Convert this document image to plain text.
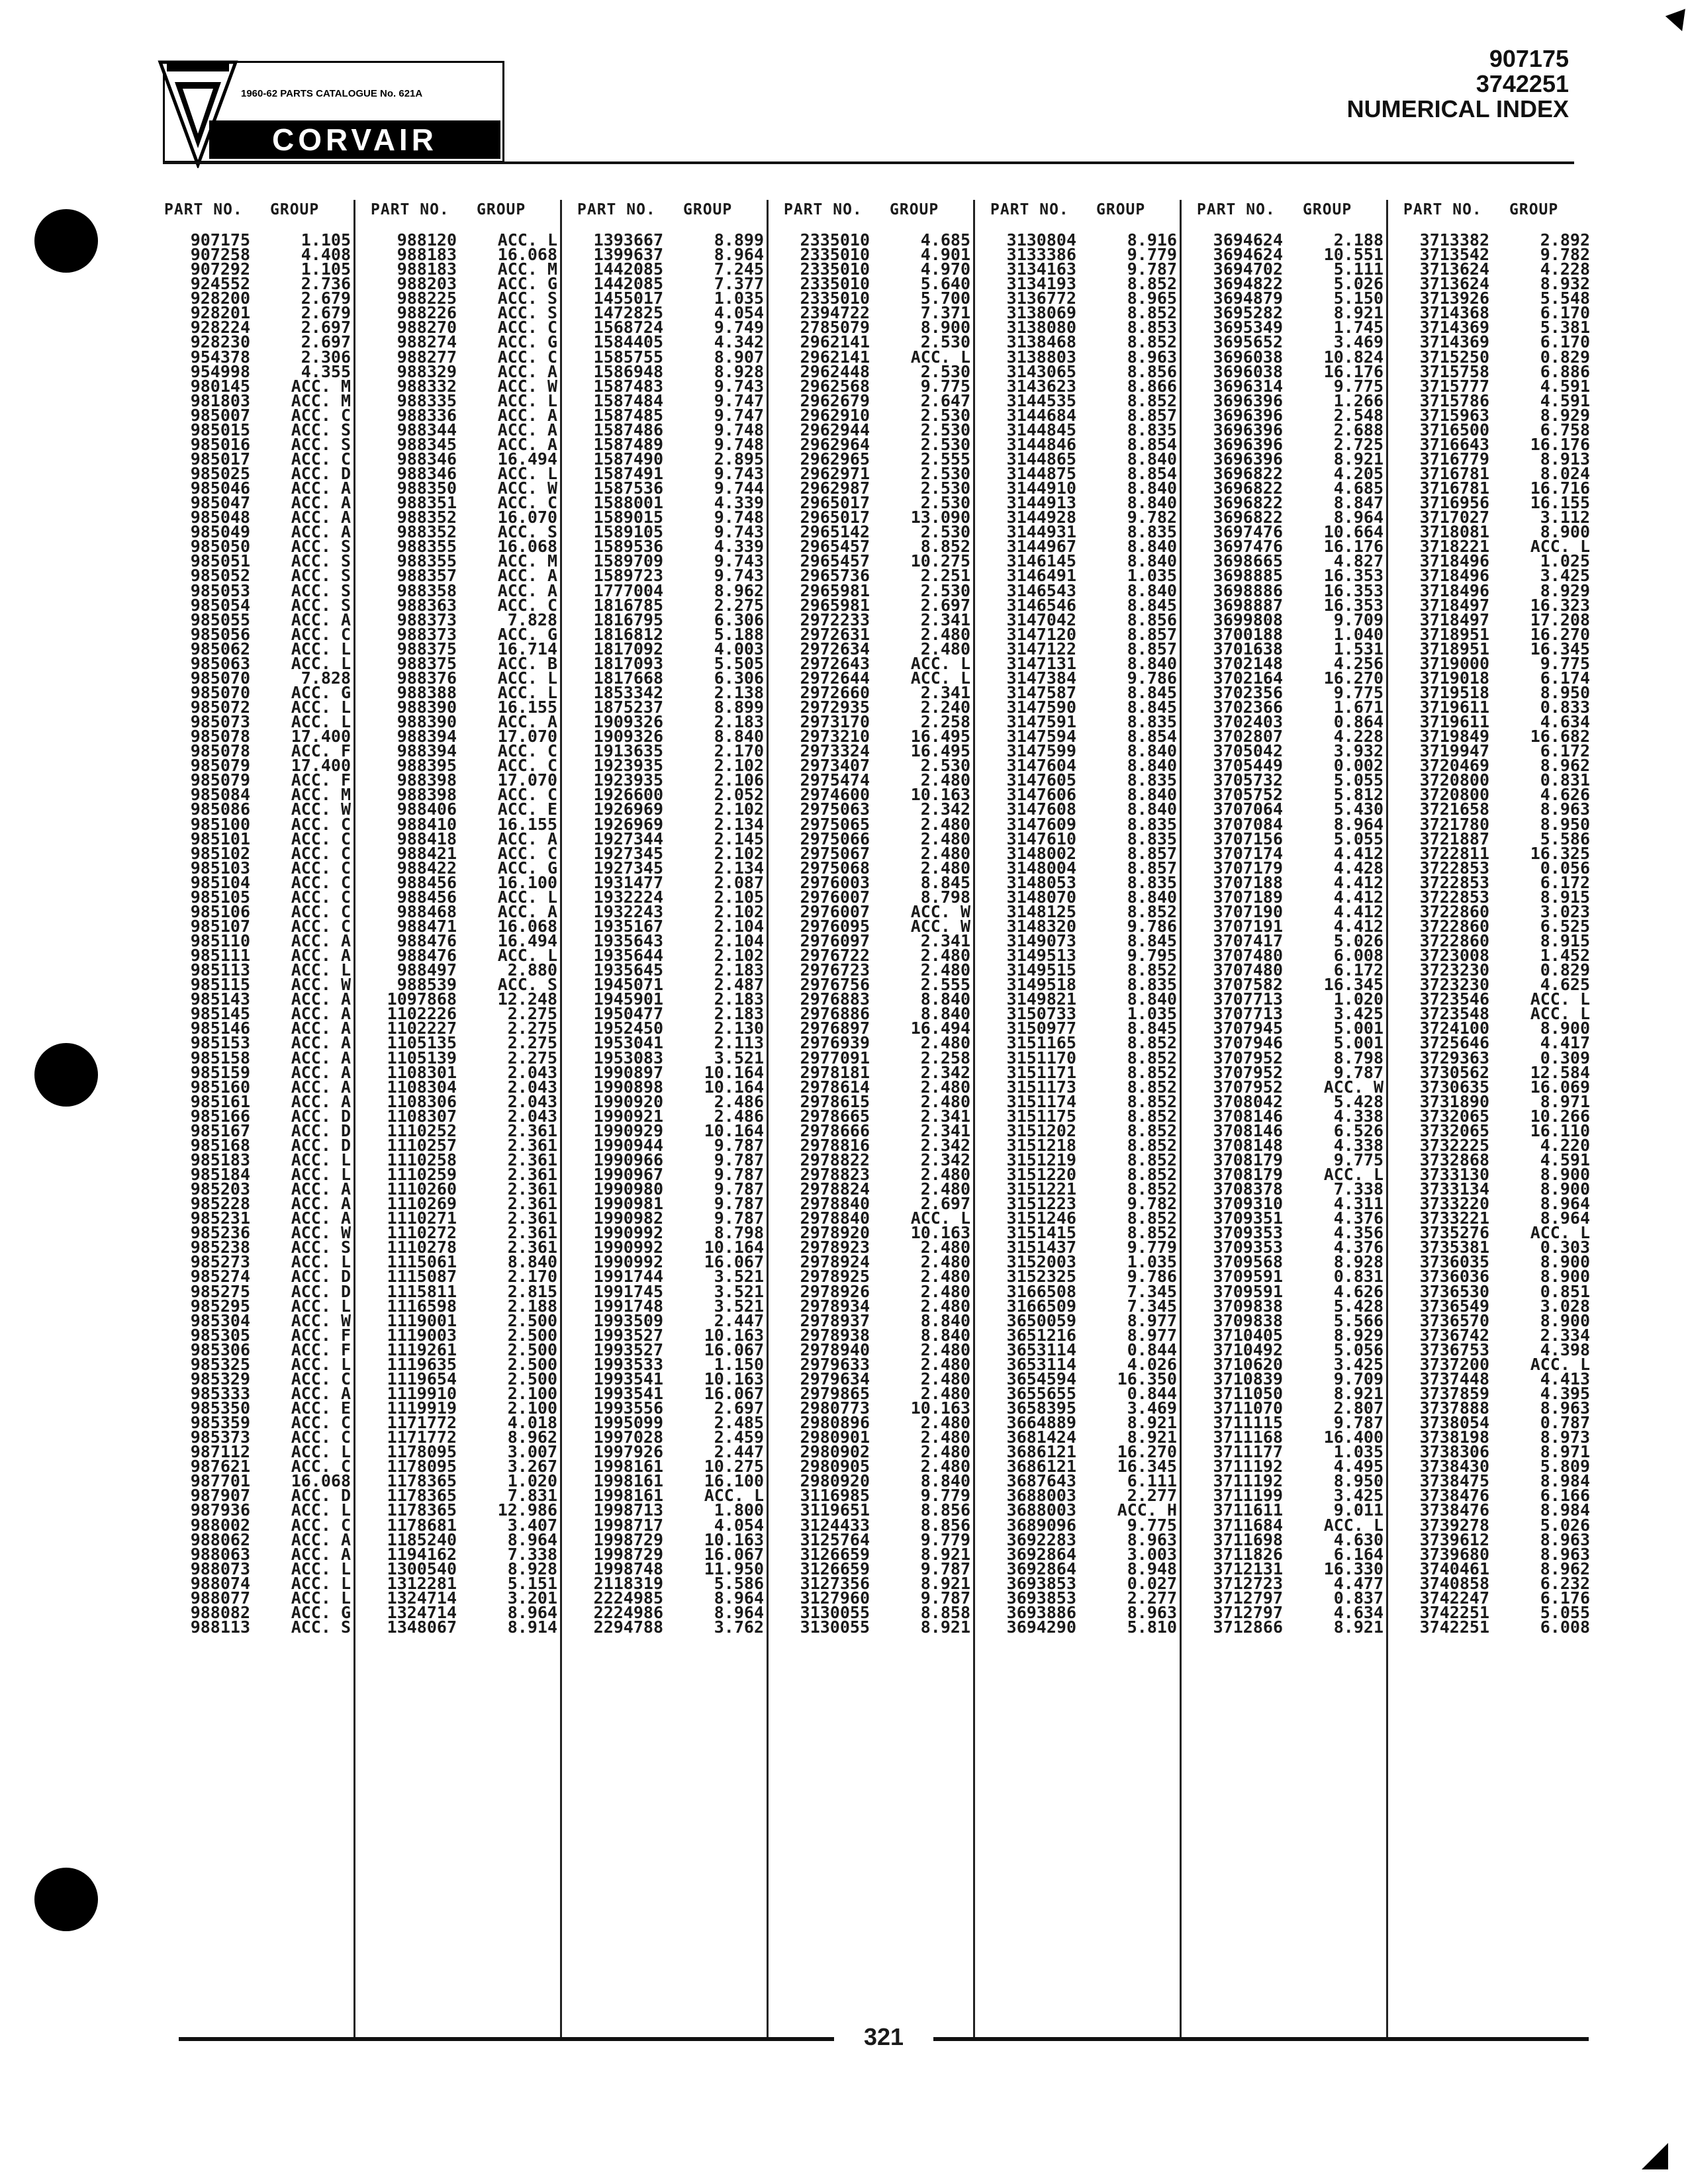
1960-62 PARTS CATALOGUE No. 621A
CORVAIR
907175
3742251
NUMERICAL INDEX
PART NO. GROUP
907175	1.105
907258	4.408
907292	1.105
924552	2.736
928200	2.679
928201	2.679
928224	2.697
928230	2.697
954378	2.306
954998	4.355
980145	ACC. M
981803	ACC. M
985007	ACC. C
985015	ACC. S
985016	ACC. S
985017	ACC. C
985025	ACC. D
985046	ACC. A
985047	ACC. A
985048	ACC. A
985049	ACC. A
985050	ACC. S
985051	ACC. S
985052	ACC. S
985053	ACC. S
985054	ACC. S
985055	ACC. A
985056	ACC. C
985062	ACC. L
985063	ACC. L
985070	7.828
985070	ACC. G
985072	ACC. L
985073	ACC. L
985078	17.400
985078	ACC. F
985079	17.400
985079	ACC. F
985084	ACC. M
985086	ACC. W
985100	ACC. C
985101	ACC. C
985102	ACC. C
985103	ACC. C
985104	ACC. C
985105	ACC. C
985106	ACC. C
985107	ACC. C
985110	ACC. A
985111	ACC. A
985113	ACC. L
985115	ACC. W
985143	ACC. A
985145	ACC. A
985146	ACC. A
985153	ACC. A
985158	ACC. A
985159	ACC. A
985160	ACC. A
985161	ACC. A
985166	ACC. D
985167	ACC. D
985168	ACC. D
985183	ACC. L
985184	ACC. L
985203	ACC. A
985228	ACC. A
985231	ACC. A
985236	ACC. W
985238	ACC. S
985273	ACC. L
985274	ACC. D
985275	ACC. D
985295	ACC. L
985304	ACC. W
985305	ACC. F
985306	ACC. F
985325	ACC. L
985329	ACC. C
985333	ACC. A
985350	ACC. E
985359	ACC. C
985373	ACC. C
987112	ACC. L
987621	ACC. C
987701	16.068
987907	ACC. D
987936	ACC. L
988002	ACC. C
988062	ACC. A
988063	ACC. A
988073	ACC. L
988074	ACC. L
988077	ACC. L
988082	ACC. G
988113	ACC. S
PART NO. GROUP
988120	ACC. L
988183	16.068
988183	ACC. M
988203	ACC. G
988225	ACC. S
988226	ACC. S
988270	ACC. C
988274	ACC. G
988277	ACC. C
988329	ACC. A
988332	ACC. W
988335	ACC. L
988336	ACC. A
988344	ACC. A
988345	ACC. A
988346	16.494
988346	ACC. L
988350	ACC. W
988351	ACC. C
988352	16.070
988352	ACC. S
988355	16.068
988355	ACC. M
988357	ACC. A
988358	ACC. A
988363	ACC. C
988373	7.828
988373	ACC. G
988375	16.714
988375	ACC. B
988376	ACC. L
988388	ACC. L
988390	16.155
988390	ACC. A
988394	17.070
988394	ACC. C
988395	ACC. C
988398	17.070
988398	ACC. C
988406	ACC. E
988410	16.155
988418	ACC. A
988421	ACC. C
988422	ACC. G
988456	16.100
988456	ACC. L
988468	ACC. A
988471	16.068
988476	16.494
988476	ACC. L
988497	2.880
988539	ACC. S
1097868	12.248
1102226	2.275
1102227	2.275
1105135	2.275
1105139	2.275
1108301	2.043
1108304	2.043
1108306	2.043
1108307	2.043
1110252	2.361
1110257	2.361
1110258	2.361
1110259	2.361
1110260	2.361
1110269	2.361
1110271	2.361
1110272	2.361
1110278	2.361
1115061	8.840
1115087	2.170
1115811	2.815
1116598	2.188
1119001	2.500
1119003	2.500
1119261	2.500
1119635	2.500
1119654	2.500
1119910	2.100
1119919	2.100
1171772	4.018
1171772	8.962
1178095	3.007
1178095	3.267
1178365	1.020
1178365	7.831
1178365	12.986
1178681	3.407
1185240	8.964
1194162	7.338
1300540	8.928
1312281	5.151
1324714	3.201
1324714	8.964
1348067	8.914
PART NO. GROUP
1393667	8.899
1399637	8.964
1442085	7.245
1442085	7.377
1455017	1.035
1472825	4.054
1568724	9.749
1584405	4.342
1585755	8.907
1586948	8.928
1587483	9.743
1587484	9.747
1587485	9.747
1587486	9.748
1587489	9.748
1587490	2.895
1587491	9.743
1587536	9.744
1588001	4.339
1589015	9.748
1589105	9.743
1589536	4.339
1589709	9.743
1589723	9.743
1777004	8.962
1816785	2.275
1816795	6.306
1816812	5.188
1817092	4.003
1817093	5.505
1817668	6.306
1853342	2.138
1875237	8.899
1909326	2.183
1909326	8.840
1913635	2.170
1923935	2.102
1923935	2.106
1926600	2.052
1926969	2.102
1926969	2.134
1927344	2.145
1927345	2.102
1927345	2.134
1931477	2.087
1932224	2.105
1932243	2.102
1935167	2.104
1935643	2.104
1935644	2.102
1935645	2.183
1945071	2.487
1945901	2.183
1950477	2.183
1952450	2.130
1953041	2.113
1953083	3.521
1990897	10.164
1990898	10.164
1990920	2.486
1990921	2.486
1990929	10.164
1990944	9.787
1990966	9.787
1990967	9.787
1990980	9.787
1990981	9.787
1990982	9.787
1990992	8.798
1990992	10.164
1990992	16.067
1991744	3.521
1991745	3.521
1991748	3.521
1993509	2.447
1993527	10.163
1993527	16.067
1993533	1.150
1993541	10.163
1993541	16.067
1993556	2.697
1995099	2.485
1997028	2.459
1997926	2.447
1998161	10.275
1998161	16.100
1998161	ACC. L
1998713	1.800
1998717	4.054
1998729	10.163
1998729	16.067
1998748	11.950
2118319	5.586
2224985	8.964
2224986	8.964
2294788	3.762
PART NO. GROUP
2335010	4.685
2335010	4.901
2335010	4.970
2335010	5.640
2335010	5.700
2394722	7.371
2785079	8.900
2962141	2.530
2962141	ACC. L
2962448	2.530
2962568	9.775
2962679	2.647
2962910	2.530
2962944	2.530
2962964	2.530
2962965	2.555
2962971	2.530
2962987	2.530
2965017	2.530
2965017	13.090
2965142	2.530
2965457	8.852
2965457	10.275
2965736	2.251
2965981	2.530
2965981	2.697
2972233	2.341
2972631	2.480
2972634	2.480
2972643	ACC. L
2972644	ACC. L
2972660	2.341
2972935	2.240
2973170	2.258
2973210	16.495
2973324	16.495
2973407	2.530
2975474	2.480
2974600	10.163
2975063	2.342
2975065	2.480
2975066	2.480
2975067	2.480
2975068	2.480
2976003	8.845
2976007	8.798
2976007	ACC. W
2976095	ACC. W
2976097	2.341
2976722	2.480
2976723	2.480
2976756	2.555
2976883	8.840
2976886	8.840
2976897	16.494
2976939	2.480
2977091	2.258
2978181	2.342
2978614	2.480
2978615	2.480
2978665	2.341
2978666	2.341
2978816	2.342
2978822	2.342
2978823	2.480
2978824	2.480
2978840	2.697
2978840	ACC. L
2978920	10.163
2978923	2.480
2978924	2.480
2978925	2.480
2978926	2.480
2978934	2.480
2978937	8.840
2978938	8.840
2978940	2.480
2979633	2.480
2979634	2.480
2979865	2.480
2980773	10.163
2980896	2.480
2980901	2.480
2980902	2.480
2980905	2.480
2980920	8.840
3116985	9.779
3119651	8.856
3124433	8.856
3125764	9.779
3126659	8.921
3126659	9.787
3127356	8.921
3127960	9.787
3130055	8.858
3130055	8.921
PART NO. GROUP
3130804	8.916
3133386	9.779
3134163	9.787
3134193	8.852
3136772	8.965
3138069	8.852
3138080	8.853
3138468	8.852
3138803	8.963
3143065	8.856
3143623	8.866
3144535	8.852
3144684	8.857
3144845	8.835
3144846	8.854
3144865	8.840
3144875	8.854
3144910	8.840
3144913	8.840
3144928	9.782
3144931	8.835
3144967	8.840
3146145	8.840
3146491	1.035
3146543	8.840
3146546	8.845
3147042	8.856
3147120	8.857
3147122	8.857
3147131	8.840
3147384	9.786
3147587	8.845
3147590	8.845
3147591	8.835
3147594	8.854
3147599	8.840
3147604	8.840
3147605	8.835
3147606	8.840
3147608	8.840
3147609	8.835
3147610	8.835
3148002	8.857
3148004	8.857
3148053	8.835
3148070	8.840
3148125	8.852
3148320	9.786
3149073	8.845
3149513	9.795
3149515	8.852
3149518	8.835
3149821	8.840
3150733	1.035
3150977	8.845
3151165	8.852
3151170	8.852
3151171	8.852
3151173	8.852
3151174	8.852
3151175	8.852
3151202	8.852
3151218	8.852
3151219	8.852
3151220	8.852
3151221	8.852
3151223	9.782
3151246	8.852
3151415	8.852
3151437	9.779
3152003	1.035
3152325	9.786
3166508	7.345
3166509	7.345
3650059	8.977
3651216	8.977
3653114	0.844
3653114	4.026
3654594	16.350
3655655	0.844
3658395	3.469
3664889	8.921
3681424	8.921
3686121	16.270
3686121	16.345
3687643	6.111
3688003	2.277
3688003	ACC. H
3689096	9.775
3692283	8.963
3692864	3.003
3692864	8.948
3693853	0.027
3693853	2.277
3693886	8.963
3694290	5.810
PART NO. GROUP
3694624	2.188
3694624	10.551
3694702	5.111
3694822	5.026
3694879	5.150
3695282	8.921
3695349	1.745
3695652	3.469
3696038	10.824
3696038	16.176
3696314	9.775
3696396	1.266
3696396	2.548
3696396	2.688
3696396	2.725
3696396	8.921
3696822	4.205
3696822	4.685
3696822	8.847
3696822	8.964
3697476	10.664
3697476	16.176
3698665	4.827
3698885	16.353
3698886	16.353
3698887	16.353
3699808	9.709
3700188	1.040
3701638	1.531
3702148	4.256
3702164	16.270
3702356	9.775
3702366	1.671
3702403	0.864
3702807	4.228
3705042	3.932
3705449	0.002
3705732	5.055
3705752	5.812
3707064	5.430
3707084	8.964
3707156	5.055
3707174	4.412
3707179	4.428
3707188	4.412
3707189	4.412
3707190	4.412
3707191	4.412
3707417	5.026
3707480	6.008
3707480	6.172
3707582	16.345
3707713	1.020
3707713	3.425
3707945	5.001
3707946	5.001
3707952	8.798
3707952	9.787
3707952	ACC. W
3708042	5.428
3708146	4.338
3708146	6.526
3708148	4.338
3708179	9.775
3708179	ACC. L
3708378	7.338
3709310	4.311
3709351	4.376
3709353	4.356
3709353	4.376
3709568	8.928
3709591	0.831
3709591	4.626
3709838	5.428
3709838	5.566
3710405	8.929
3710492	5.056
3710620	3.425
3710839	9.709
3711050	8.921
3711070	2.807
3711115	9.787
3711168	16.400
3711177	1.035
3711192	4.495
3711192	8.950
3711199	3.425
3711611	9.011
3711684	ACC. L
3711698	4.630
3711826	6.164
3712131	16.330
3712723	4.477
3712797	0.837
3712797	4.634
3712866	8.921
PART NO. GROUP
3713382	2.892
3713542	9.782
3713624	4.228
3713624	8.932
3713926	5.548
3714368	6.170
3714369	5.381
3714369	6.170
3715250	0.829
3715758	6.886
3715777	4.591
3715786	4.591
3715963	8.929
3716500	6.758
3716643	16.176
3716779	8.913
3716781	8.024
3716781	16.716
3716956	16.155
3717027	3.112
3718081	8.900
3718221	ACC. L
3718496	1.025
3718496	3.425
3718496	8.929
3718497	16.323
3718497	17.208
3718951	16.270
3718951	16.345
3719000	9.775
3719018	6.174
3719518	8.950
3719611	0.833
3719611	4.634
3719849	16.682
3719947	6.172
3720469	8.962
3720800	0.831
3720800	4.626
3721658	8.963
3721780	8.950
3721887	5.586
3722811	16.325
3722853	0.056
3722853	6.172
3722853	8.915
3722860	3.023
3722860	6.525
3722860	8.915
3723008	1.452
3723230	0.829
3723230	4.625
3723546	ACC. L
3723548	ACC. L
3724100	8.900
3725646	4.417
3729363	0.309
3730562	12.584
3730635	16.069
3731890	8.971
3732065	10.266
3732065	16.110
3732225	4.220
3732868	4.591
3733130	8.900
3733134	8.900
3733220	8.964
3733221	8.964
3735276	ACC. L
3735381	0.303
3736035	8.900
3736036	8.900
3736530	0.851
3736549	3.028
3736570	8.900
3736742	2.334
3736753	4.398
3737200	ACC. L
3737448	4.413
3737859	4.395
3737888	8.963
3738054	0.787
3738198	8.973
3738306	8.971
3738430	5.809
3738475	8.984
3738476	6.166
3738476	8.984
3739278	5.026
3739612	8.963
3739680	8.963
3740461	8.962
3740858	6.232
3742247	6.176
3742251	5.055
3742251	6.008
321
